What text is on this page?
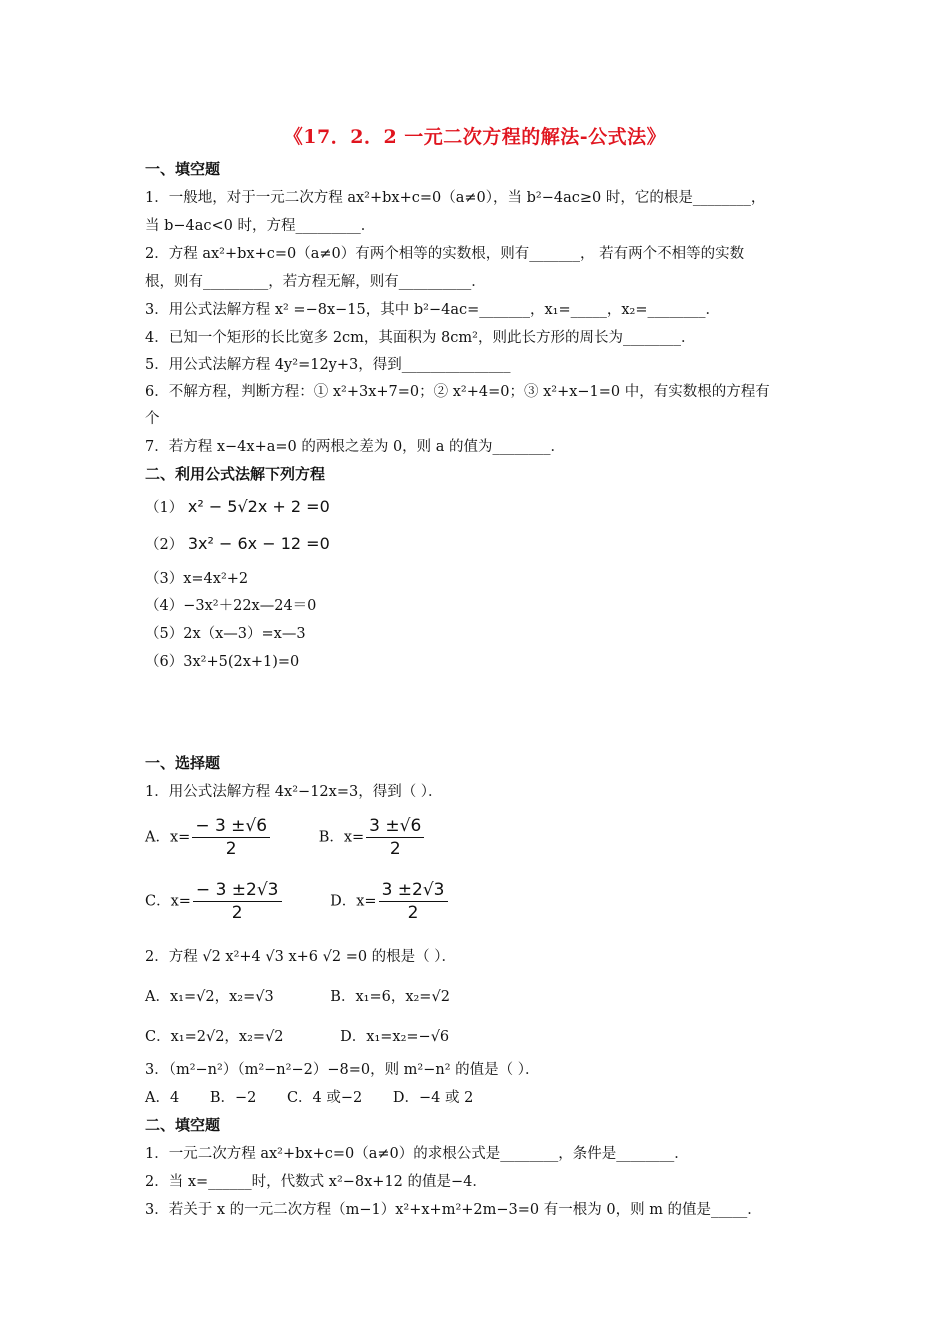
《17．2．2 一元二次方程的解法-公式法》
一、填空题
1．一般地，对于一元二次方程 ax²+bx+c=0（a≠0），当 b²−4ac≥0 时，它的根是________，
当 b−4ac<0 时，方程_________．
2．方程 ax²+bx+c=0（a≠0）有两个相等的实数根，则有_______， 若有两个不相等的实数
根，则有_________，若方程无解，则有__________．
3．用公式法解方程 x² =−8x−15，其中 b²−4ac=_______，x₁=_____，x₂=________．
4．已知一个矩形的长比宽多 2cm，其面积为 8cm²，则此长方形的周长为________．
5．用公式法解方程 4y²=12y+3，得到_______________
6．不解方程，判断方程：① x²+3x+7=0；② x²+4=0；③ x²+x−1=0 中，有实数根的方程有
个
7．若方程 x−4x+a=0 的两根之差为 0，则 a 的值为________．
二、利用公式法解下列方程
（1） x² − 5√2x + 2 =0
（2） 3x² − 6x − 12 =0
（3）x=4x²+2
（4）−3x²＋22x—24＝0
（5）2x（x—3）=x—3
（6）3x²+5(2x+1)=0
一、选择题
1．用公式法解方程 4x²−12x=3，得到（ ）．
A．$x= \frac{- 3 \pm√6}{2}$	B．$x= \frac{3 \pm√6}{2}$
C．$x= \frac{- 3 \pm 2√3}{2}$	D．$x= \frac{3 \pm 2√3}{2}$
2．方程 √2 x²+4 √3 x+6 √2 =0 的根是（ ）．
A．x₁=√2，x₂=√3	B．x₁=6，x₂=√2
C．x₁=2√2，x₂=√2	D．x₁=x₂=−√6
3．（m²−n²）（m²−n²−2）−8=0，则 m²−n² 的值是（ ）．
A．4 B．−2 C．4 或−2 D．−4 或 2
二、填空题
1．一元二次方程 ax²+bx+c=0（a≠0）的求根公式是________，条件是________．
2．当 x=______时，代数式 x²−8x+12 的值是−4．
3．若关于 x 的一元二次方程（m−1）x²+x+m²+2m−3=0 有一根为 0，则 m 的值是_____．
